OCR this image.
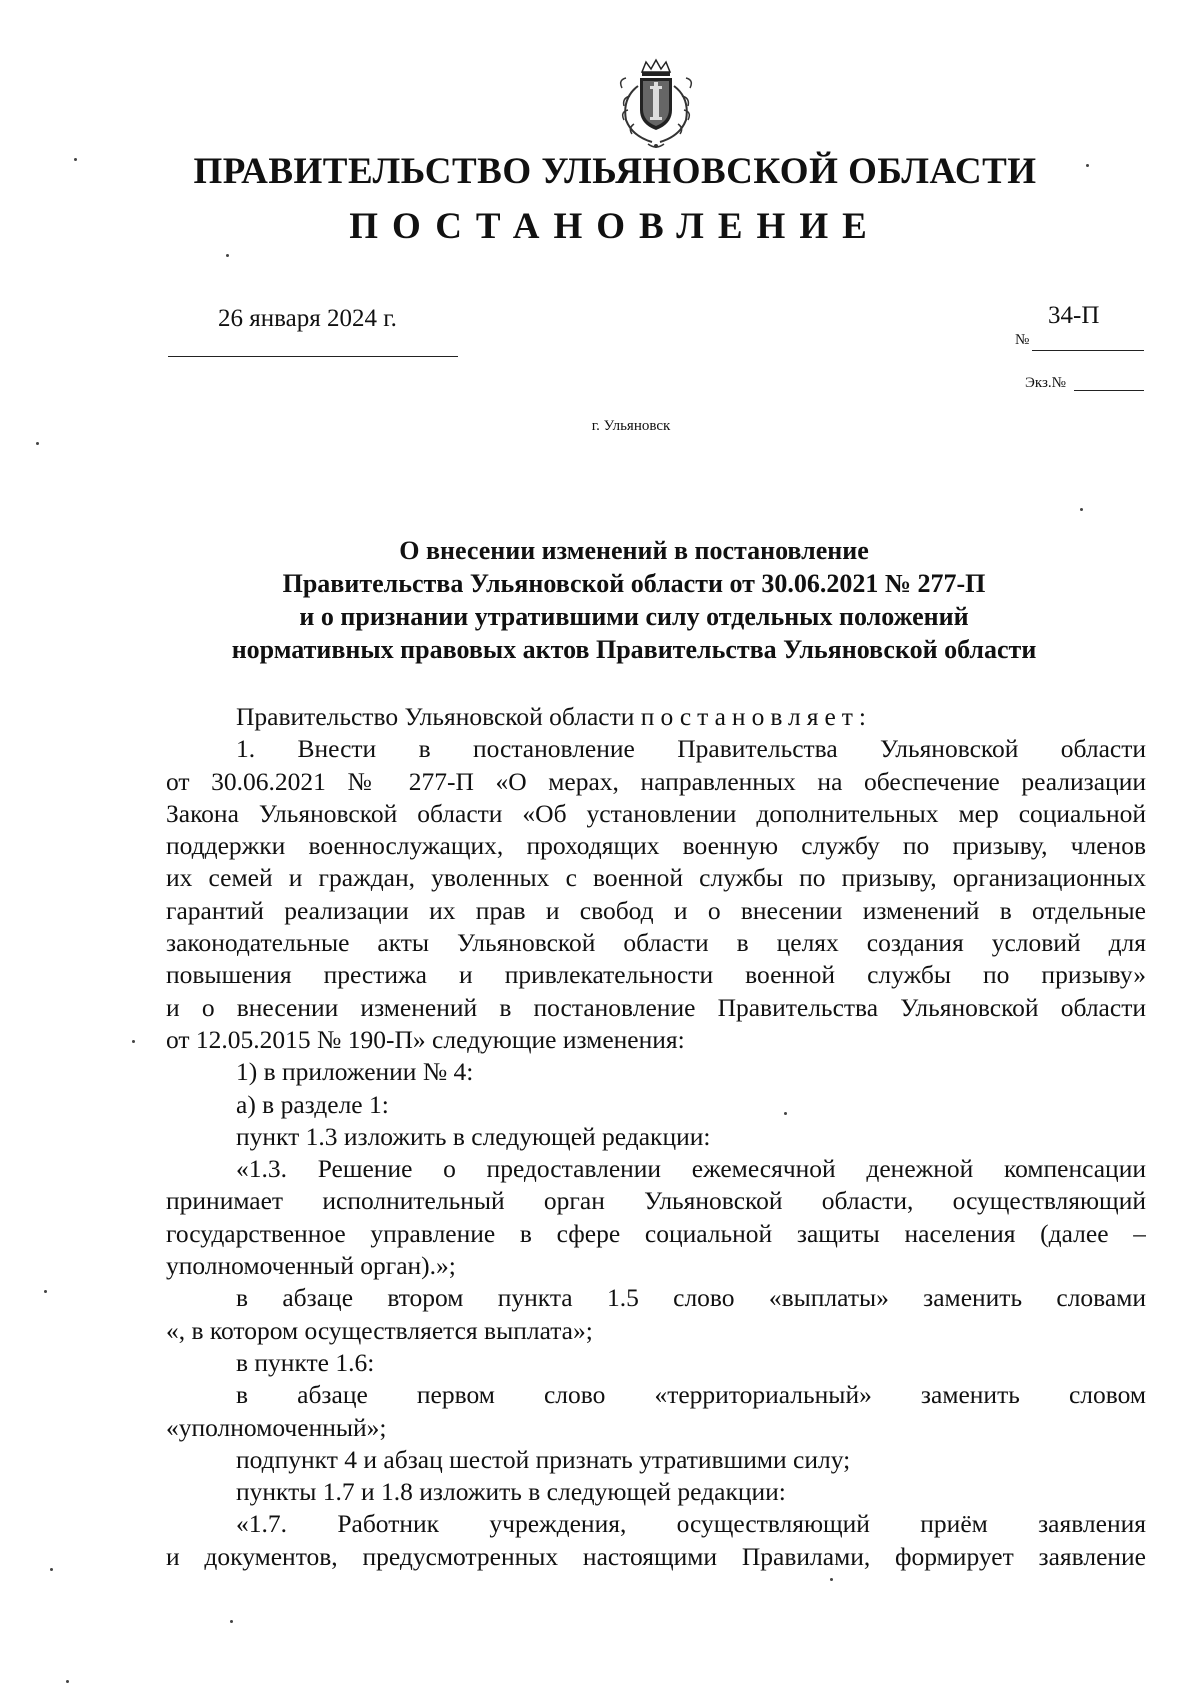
ПРАВИТЕЛЬСТВО УЛЬЯНОВСКОЙ ОБЛАСТИ
ПОСТАНОВЛЕНИЕ
26 января 2024 г.
№
34-П
Экз.№
г. Ульяновск
О внесении изменений в постановление
Правительства Ульяновской области от 30.06.2021 № 277-П
и о признании утратившими силу отдельных положений
нормативных правовых актов Правительства Ульяновской области
Правительство Ульяновской области постановляет:
1. Внести в постановление Правительства Ульяновской области
от 30.06.2021 № 277-П «О мерах, направленных на обеспечение реализации
Закона Ульяновской области «Об установлении дополнительных мер социальной
поддержки военнослужащих, проходящих военную службу по призыву, членов
их семей и граждан, уволенных с военной службы по призыву, организационных
гарантий реализации их прав и свобод и о внесении изменений в отдельные
законодательные акты Ульяновской области в целях создания условий для
повышения престижа и привлекательности военной службы по призыву»
и о внесении изменений в постановление Правительства Ульяновской области
от 12.05.2015 № 190-П» следующие изменения:
1) в приложении № 4:
а) в разделе 1:
пункт 1.3 изложить в следующей редакции:
«1.3. Решение о предоставлении ежемесячной денежной компенсации
принимает исполнительный орган Ульяновской области, осуществляющий
государственное управление в сфере социальной защиты населения (далее –
уполномоченный орган).»;
в абзаце втором пункта 1.5 слово «выплаты» заменить словами
«, в котором осуществляется выплата»;
в пункте 1.6:
в абзаце первом слово «территориальный» заменить словом
«уполномоченный»;
подпункт 4 и абзац шестой признать утратившими силу;
пункты 1.7 и 1.8 изложить в следующей редакции:
«1.7. Работник учреждения, осуществляющий приём заявления
и документов, предусмотренных настоящими Правилами, формирует заявление
